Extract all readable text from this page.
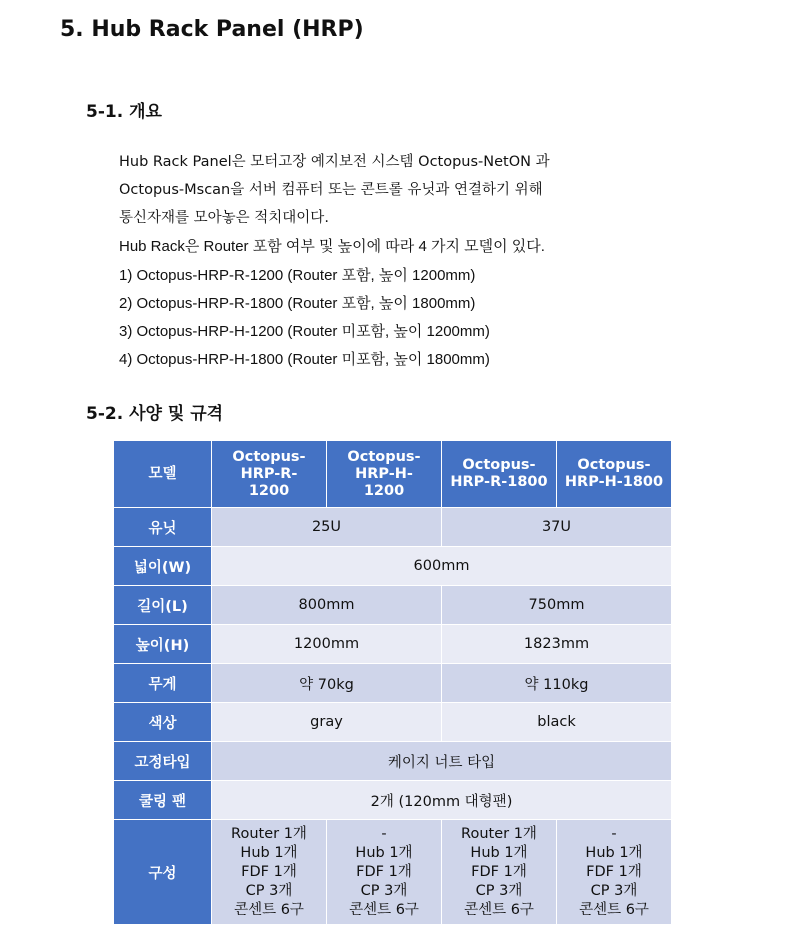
5. Hub Rack Panel (HRP)
5-1. 개요

Hub Rack Panel은 모터고장 예지보전 시스템 Octopus-NetON 과

Octopus-Mscan을 서버 컴퓨터 또는 콘트롤 유닛과 연결하기 위해

통신자재를 모아놓은 적치대이다.

Hub Rack은 Router 포함 여부 및 높이에 따라 4 가지 모델이 있다.

1) Octopus-HRP-R-1200 (Router 포함, 높이 1200mm)

2) Octopus-HRP-R-1800 (Router 포함, 높이 1800mm)

3) Octopus-HRP-H-1200 (Router 미포함, 높이 1200mm)

4) Octopus-HRP-H-1800 (Router 미포함, 높이 1800mm)

5-2. 사양 및 규격
모델	Octopus-
HRP-R-
1200	Octopus-
HRP-H-
1200	Octopus-
HRP-R-1800	Octopus-
HRP-H-1800

유닛	25U		37U	
넓이(W)	600mm			
길이(L)	800mm		750mm	
높이(H)	1200mm		1823mm	
무게	약 70kg		약 110kg	
색상	gray		black	
고정타입	케이지 너트 타입			
쿨링 팬	2개 (120mm 대형팬)			
구성	Router 1개
Hub 1개
FDF 1개
CP 3개
콘센트 6구	-
Hub 1개
FDF 1개
CP 3개
콘센트 6구	Router 1개
Hub 1개
FDF 1개
CP 3개
콘센트 6구	-
Hub 1개
FDF 1개
CP 3개
콘센트 6구
